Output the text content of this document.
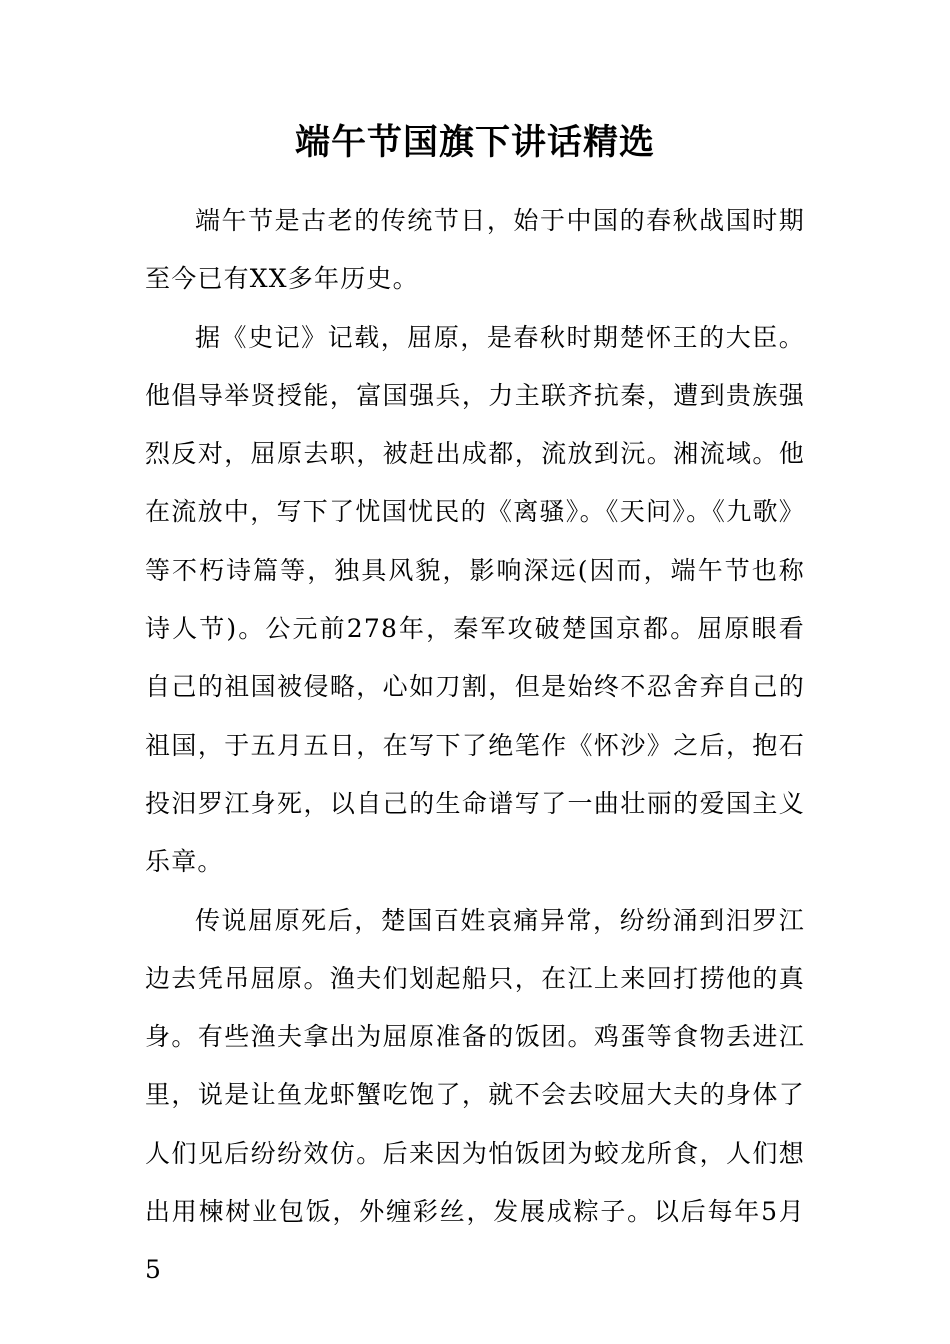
端午节国旗下讲话精选

端午节是古老的传统节日，始于中国的春秋战国时期至今已有XX多年历史。

据《史记》记载，屈原，是春秋时期楚怀王的大臣。他倡导举贤授能，富国强兵，力主联齐抗秦，遭到贵族强烈反对，屈原去职，被赶出成都，流放到沅。湘流域。他在流放中，写下了忧国忧民的《离骚》。《天问》。《九歌》等不朽诗篇等，独具风貌，影响深远(因而，端午节也称诗人节)。公元前278年，秦军攻破楚国京都。屈原眼看自己的祖国被侵略，心如刀割，但是始终不忍舍弃自己的祖国，于五月五日，在写下了绝笔作《怀沙》之后，抱石投汨罗江身死，以自己的生命谱写了一曲壮丽的爱国主义乐章。

传说屈原死后，楚国百姓哀痛异常，纷纷涌到汨罗江边去凭吊屈原。渔夫们划起船只，在江上来回打捞他的真身。有些渔夫拿出为屈原准备的饭团。鸡蛋等食物丢进江里，说是让鱼龙虾蟹吃饱了，就不会去咬屈大夫的身体了人们见后纷纷效仿。后来因为怕饭团为蛟龙所食，人们想出用楝树业包饭，外缠彩丝，发展成粽子。以后每年5月5
